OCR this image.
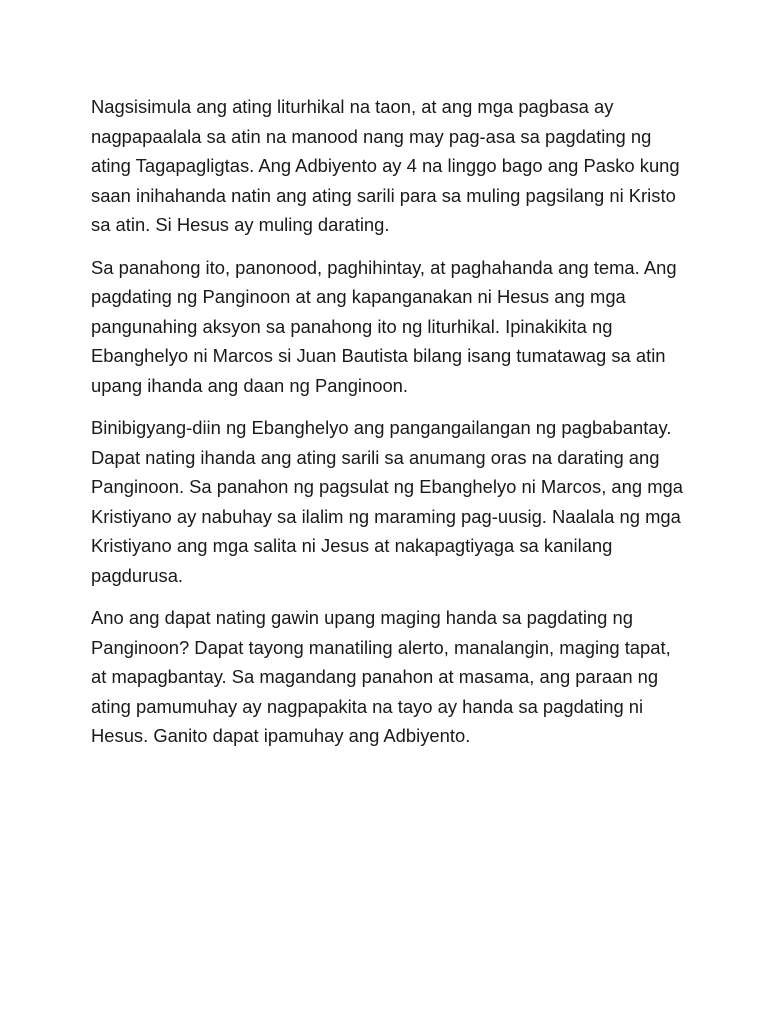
Nagsisimula ang ating liturhikal na taon, at ang mga pagbasa ay nagpapaalala sa atin na manood nang may pag-asa sa pagdating ng ating Tagapagligtas. Ang Adbiyento ay 4 na linggo bago ang Pasko kung saan inihahanda natin ang ating sarili para sa muling pagsilang ni Kristo sa atin. Si Hesus ay muling darating.

Sa panahong ito, panonood, paghihintay, at paghahanda ang tema. Ang pagdating ng Panginoon at ang kapanganakan ni Hesus ang mga pangunahing aksyon sa panahong ito ng liturhikal. Ipinakikita ng Ebanghelyo ni Marcos si Juan Bautista bilang isang tumatawag sa atin upang ihanda ang daan ng Panginoon.

Binibigyang-diin ng Ebanghelyo ang pangangailangan ng pagbabantay. Dapat nating ihanda ang ating sarili sa anumang oras na darating ang Panginoon. Sa panahon ng pagsulat ng Ebanghelyo ni Marcos, ang mga Kristiyano ay nabuhay sa ilalim ng maraming pag-uusig. Naalala ng mga Kristiyano ang mga salita ni Jesus at nakapagtiyaga sa kanilang pagdurusa.

Ano ang dapat nating gawin upang maging handa sa pagdating ng Panginoon? Dapat tayong manatiling alerto, manalangin, maging tapat, at mapagbantay. Sa magandang panahon at masama, ang paraan ng ating pamumuhay ay nagpapakita na tayo ay handa sa pagdating ni Hesus. Ganito dapat ipamuhay ang Adbiyento.
